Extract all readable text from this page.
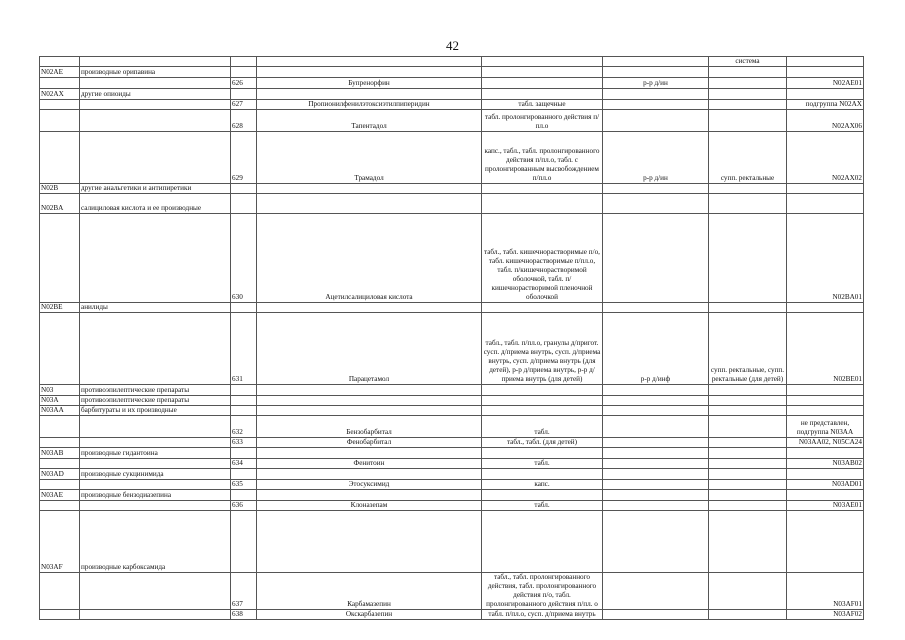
42
						система	
N02AE	производные орипавина						
		626	Бупренорфин		р-р д/ин		N02AE01
N02AX	другие опиоиды						
		627	Пропионилфенилэтоксиэтилпиперидин	табл. защечные			подгруппа N02AX
		628	Тапентадол	табл. пролонгированного действия п/пл.о			N02AX06
		629	Трамадол	капс., табл., табл. пролонгированного действия п/пл.о, табл. с пролонгированным высвобождением п/пл.о	р-р д/ин	супп. ректальные	N02AX02
N02B	другие анальгетики и антипиретики						
N02BA	салициловая кислота и ее производные						
		630	Ацетилсалициловая кислота	табл., табл. кишечнорастворимые п/о, табл. кишечнорастворимые п/пл.о, табл. п/кишечнорастворимой оболочкой, табл. п/кишечнорастворимой пленочной оболочкой			N02BA01
N02BE	анилиды						
		631	Парацетамол	табл., табл. п/пл.о, гранулы д/пригот. сусп. д/приема внутрь, сусп. д/приема внутрь, сусп. д/приема внутрь (для детей), р-р д/приема внутрь, р-р д/приема внутрь (для детей)	р-р д/инф	супп. ректальные, супп. ректальные (для детей)	N02BE01
N03	противоэпилептические препараты						
N03A	противоэпилептические препараты						
N03AA	барбитураты и их производные						
		632	Бензобарбитал	табл.			не представлен, подгруппа N03AA
		633	Фенобарбитал	табл., табл. (для детей)			N03AA02, N05CA24
N03AB	производные гидантоина						
		634	Фенитоин	табл.			N03AB02
N03AD	производные сукцинимида						
		635	Этосуксимид	капс.			N03AD01
N03AE	производные бензодиазепина						
		636	Клоназепам	табл.			N03AE01
N03AF	производные карбоксамида						
		637	Карбамазепин	табл., табл. пролонгированного действия, табл. пролонгированного действия п/о, табл. пролонгированного действия п/пл. о			N03AF01
		638	Окскарбазепин	табл. п/пл.о, сусп. д/приема внутрь			N03AF02
